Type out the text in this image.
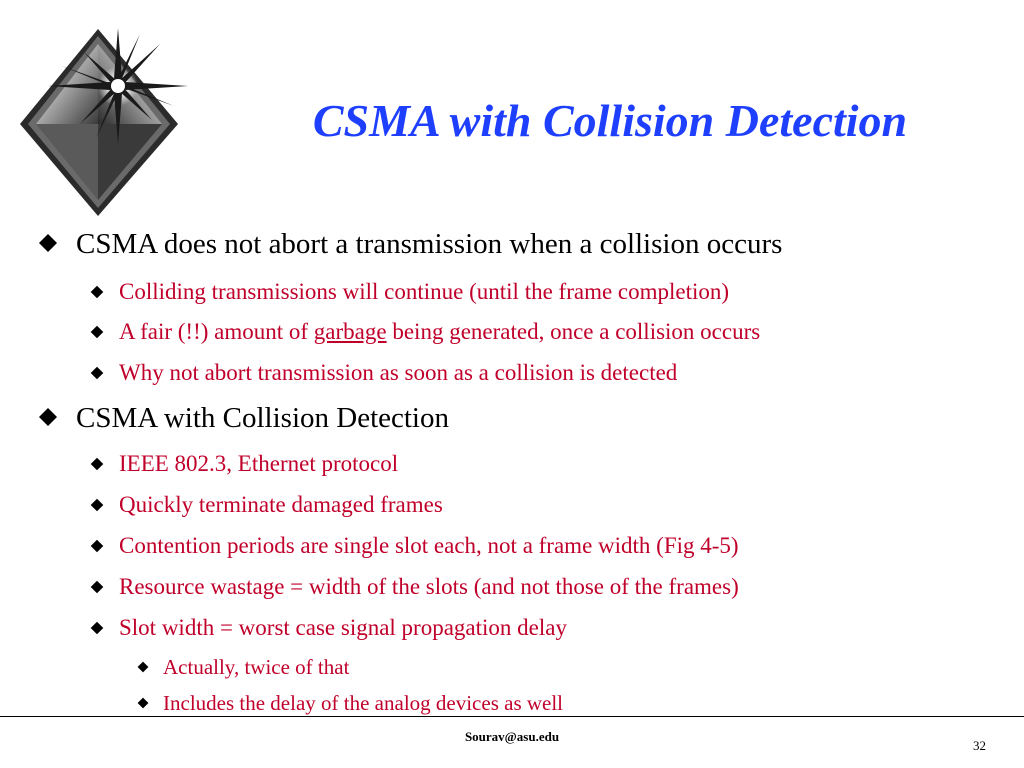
CSMA with Collision Detection
CSMA does not abort a transmission when a collision occurs
Colliding transmissions will continue (until the frame completion)
A fair (!!) amount of garbage being generated, once a collision occurs
Why not abort transmission as soon as a collision is detected
CSMA with Collision Detection
IEEE 802.3, Ethernet protocol
Quickly terminate damaged frames
Contention periods are single slot each, not a frame width (Fig 4-5)
Resource wastage = width of the slots (and not those of the frames)
Slot width = worst case signal propagation delay
Actually, twice of that
Includes the delay of the analog devices as well
Sourav@asu.edu
32
